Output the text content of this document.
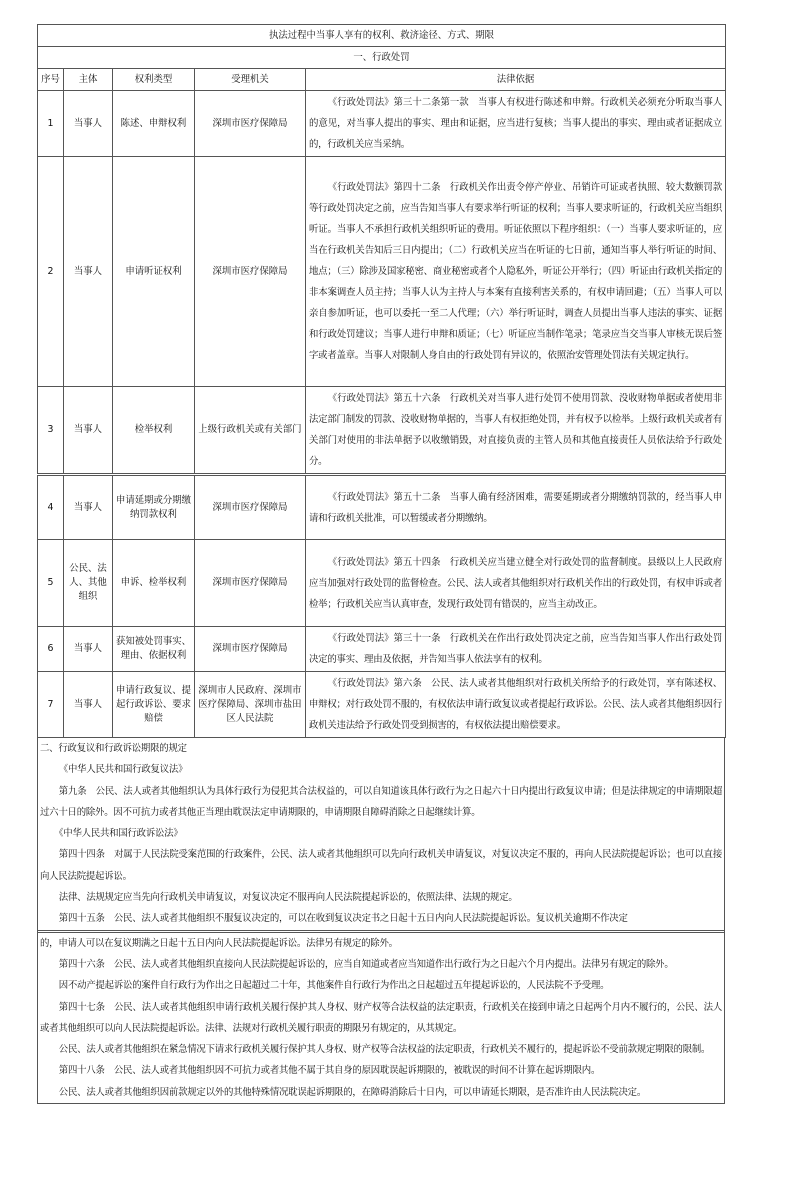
执法过程中当事人享有的权利、救济途径、方式、期限				
一、行政处罚				
序号	主体	权利类型	受理机关	法律依据
1	当事人	陈述、申辩权利	深圳市医疗保障局	《行政处罚法》第三十二条第一款　当事人有权进行陈述和申辩。行政机关必须充分听取当事人的意见，对当事人提出的事实、理由和证据，应当进行复核；当事人提出的事实、理由或者证据成立的，行政机关应当采纳。

2	当事人	申请听证权利	深圳市医疗保障局	《行政处罚法》第四十二条　行政机关作出责令停产停业、吊销许可证或者执照、较大数额罚款等行政处罚决定之前，应当告知当事人有要求举行听证的权利；当事人要求听证的，行政机关应当组织听证。当事人不承担行政机关组织听证的费用。听证依照以下程序组织：（一）当事人要求听证的，应当在行政机关告知后三日内提出；（二）行政机关应当在听证的七日前，通知当事人举行听证的时间、地点；（三）除涉及国家秘密、商业秘密或者个人隐私外，听证公开举行；（四）听证由行政机关指定的非本案调查人员主持；当事人认为主持人与本案有直接利害关系的，有权申请回避；（五）当事人可以亲自参加听证，也可以委托一至二人代理；（六）举行听证时，调查人员提出当事人违法的事实、证据和行政处罚建议；当事人进行申辩和质证；（七）听证应当制作笔录；笔录应当交当事人审核无误后签字或者盖章。当事人对限制人身自由的行政处罚有异议的，依照治安管理处罚法有关规定执行。

3	当事人	检举权利	上级行政机关或有关部门	《行政处罚法》第五十六条　行政机关对当事人进行处罚不使用罚款、没收财物单据或者使用非法定部门制发的罚款、没收财物单据的，当事人有权拒绝处罚，并有权予以检举。上级行政机关或者有关部门对使用的非法单据予以收缴销毁，对直接负责的主管人员和其他直接责任人员依法给予行政处分。

4	当事人	申请延期或分期缴纳罚款权利	深圳市医疗保障局	《行政处罚法》第五十二条　当事人确有经济困难，需要延期或者分期缴纳罚款的，经当事人申请和行政机关批准，可以暂缓或者分期缴纳。

5	公民、法人、其他组织	申诉、检举权利	深圳市医疗保障局	《行政处罚法》第五十四条　行政机关应当建立健全对行政处罚的监督制度。县级以上人民政府应当加强对行政处罚的监督检查。公民、法人或者其他组织对行政机关作出的行政处罚，有权申诉或者检举；行政机关应当认真审查，发现行政处罚有错误的，应当主动改正。

6	当事人	获知被处罚事实、理由、依据权利	深圳市医疗保障局	《行政处罚法》第三十一条　行政机关在作出行政处罚决定之前，应当告知当事人作出行政处罚决定的事实、理由及依据，并告知当事人依法享有的权利。

7	当事人	申请行政复议、提起行政诉讼、要求赔偿	深圳市人民政府、深圳市医疗保障局、深圳市盐田区人民法院	《行政处罚法》第六条　公民、法人或者其他组织对行政机关所给予的行政处罚，享有陈述权、申辩权；对行政处罚不服的，有权依法申请行政复议或者提起行政诉讼。公民、法人或者其他组织因行政机关违法给予行政处罚受到损害的，有权依法提出赔偿要求。

二、行政复议和行政诉讼期限的规定

《中华人民共和国行政复议法》

第九条　公民、法人或者其他组织认为具体行政行为侵犯其合法权益的，可以自知道该具体行政行为之日起六十日内提出行政复议申请；但是法律规定的申请期限超过六十日的除外。因不可抗力或者其他正当理由耽误法定申请期限的，申请期限自障碍消除之日起继续计算。

《中华人民共和国行政诉讼法》

第四十四条　对属于人民法院受案范围的行政案件，公民、法人或者其他组织可以先向行政机关申请复议，对复议决定不服的，再向人民法院提起诉讼；也可以直接向人民法院提起诉讼。

法律、法规规定应当先向行政机关申请复议，对复议决定不服再向人民法院提起诉讼的，依照法律、法规的规定。

第四十五条　公民、法人或者其他组织不服复议决定的，可以在收到复议决定书之日起十五日内向人民法院提起诉讼。复议机关逾期不作决定

的，申请人可以在复议期满之日起十五日内向人民法院提起诉讼。法律另有规定的除外。

第四十六条　公民、法人或者其他组织直接向人民法院提起诉讼的，应当自知道或者应当知道作出行政行为之日起六个月内提出。法律另有规定的除外。

因不动产提起诉讼的案件自行政行为作出之日起超过二十年，其他案件自行政行为作出之日起超过五年提起诉讼的，人民法院不予受理。

第四十七条　公民、法人或者其他组织申请行政机关履行保护其人身权、财产权等合法权益的法定职责，行政机关在接到申请之日起两个月内不履行的，公民、法人或者其他组织可以向人民法院提起诉讼。法律、法规对行政机关履行职责的期限另有规定的，从其规定。

公民、法人或者其他组织在紧急情况下请求行政机关履行保护其人身权、财产权等合法权益的法定职责，行政机关不履行的，提起诉讼不受前款规定期限的限制。

第四十八条　公民、法人或者其他组织因不可抗力或者其他不属于其自身的原因耽误起诉期限的，被耽误的时间不计算在起诉期限内。

公民、法人或者其他组织因前款规定以外的其他特殊情况耽误起诉期限的，在障碍消除后十日内，可以申请延长期限，是否准许由人民法院决定。
